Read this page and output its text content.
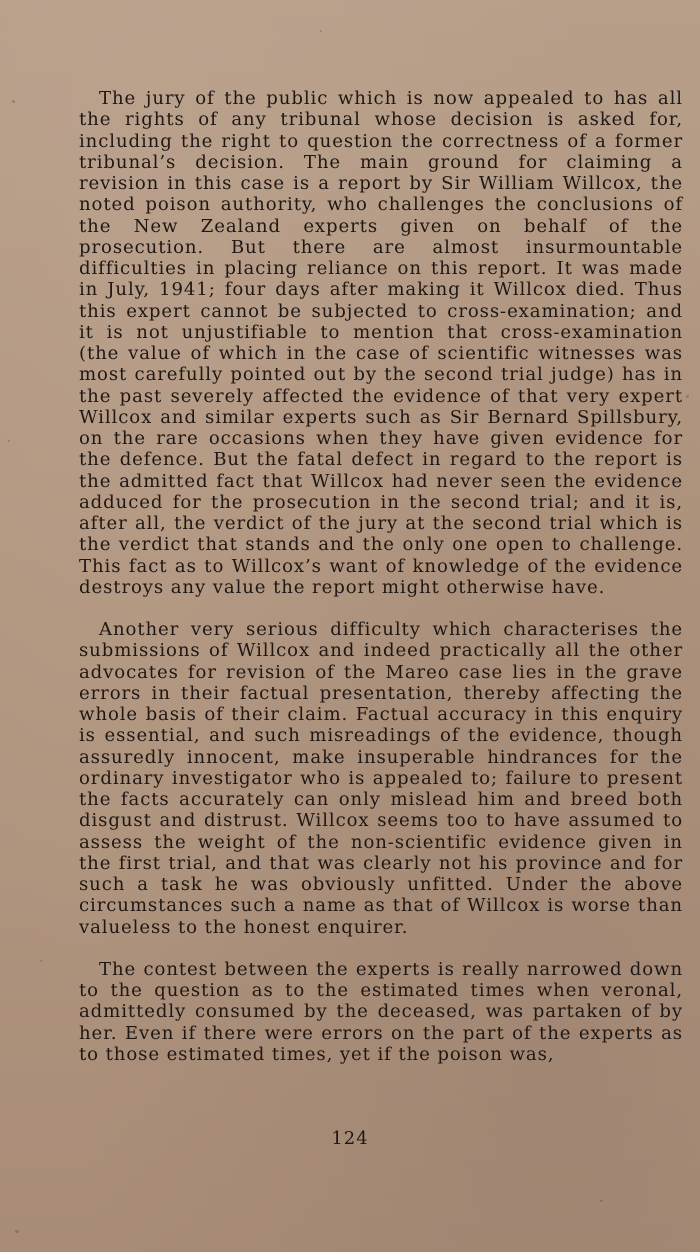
The jury of the public which is now appealed to has all the rights of any tribunal whose decision is asked for, including the right to question the correctness of a former tribunal’s decision. The main ground for claiming a revision in this case is a report by Sir William Willcox, the noted poison authority, who challenges the conclusions of the New Zealand experts given on behalf of the prosecution. But there are almost insurmountable difficulties in placing reliance on this report. It was made in July, 1941; four days after making it Willcox died. Thus this expert cannot be subjected to cross-examination; and it is not unjustifiable to mention that cross-examination (the value of which in the case of scientific witnesses was most carefully pointed out by the second trial judge) has in the past severely affected the evidence of that very expert Willcox and similar experts such as Sir Bernard Spillsbury, on the rare occasions when they have given evidence for the defence. But the fatal defect in regard to the report is the admitted fact that Willcox had never seen the evidence adduced for the prosecution in the second trial; and it is, after all, the verdict of the jury at the second trial which is the verdict that stands and the only one open to challenge. This fact as to Willcox’s want of knowledge of the evidence destroys any value the report might otherwise have.

Another very serious difficulty which characterises the submissions of Willcox and indeed practically all the other advocates for revision of the Mareo case lies in the grave errors in their factual presentation, thereby affecting the whole basis of their claim. Factual accuracy in this enquiry is essential, and such misreadings of the evidence, though assuredly innocent, make insuperable hindrances for the ordinary investigator who is appealed to; failure to present the facts accurately can only mislead him and breed both disgust and distrust. Willcox seems too to have assumed to assess the weight of the non-scientific evidence given in the first trial, and that was clearly not his province and for such a task he was obviously unfitted. Under the above circumstances such a name as that of Willcox is worse than valueless to the honest enquirer.

The contest between the experts is really narrowed down to the question as to the estimated times when veronal, admittedly consumed by the deceased, was partaken of by her. Even if there were errors on the part of the experts as to those estimated times, yet if the poison was,

124
